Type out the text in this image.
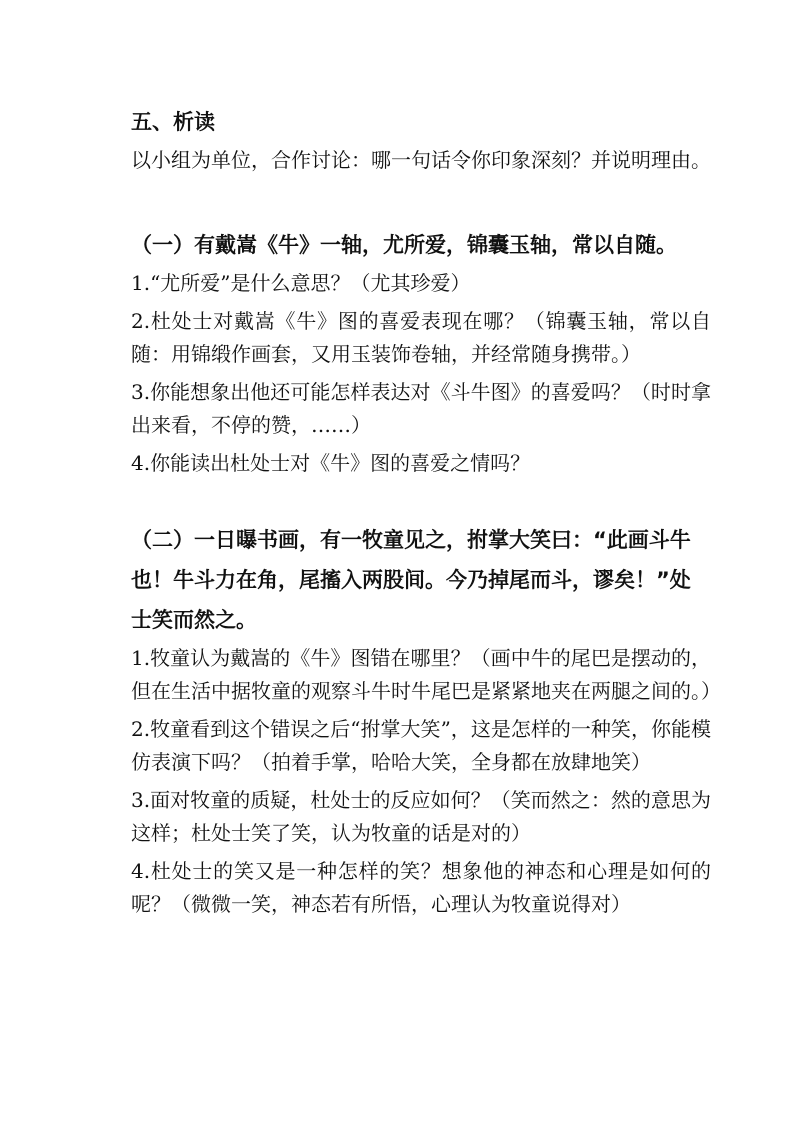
五、析读

以小组为单位，合作讨论：哪一句话令你印象深刻？并说明理由。

（一）有戴嵩《牛》一轴，尤所爱，锦囊玉轴，常以自随。

1.“尤所爱”是什么意思？（尤其珍爱）

2.杜处士对戴嵩《牛》图的喜爱表现在哪？（锦囊玉轴，常以自随：用锦缎作画套，又用玉装饰卷轴，并经常随身携带。）

3.你能想象出他还可能怎样表达对《斗牛图》的喜爱吗？（时时拿出来看，不停的赞，……）

4.你能读出杜处士对《牛》图的喜爱之情吗？

（二）一日曝书画，有一牧童见之，拊掌大笑曰：“此画斗牛也！牛斗力在角，尾搐入两股间。今乃掉尾而斗，谬矣！”处士笑而然之。

1.牧童认为戴嵩的《牛》图错在哪里？（画中牛的尾巴是摆动的，但在生活中据牧童的观察斗牛时牛尾巴是紧紧地夹在两腿之间的。）

2.牧童看到这个错误之后“拊掌大笑”，这是怎样的一种笑，你能模仿表演下吗？（拍着手掌，哈哈大笑，全身都在放肆地笑）

3.面对牧童的质疑，杜处士的反应如何？（笑而然之：然的意思为这样；杜处士笑了笑，认为牧童的话是对的）

4.杜处士的笑又是一种怎样的笑？想象他的神态和心理是如何的呢？（微微一笑，神态若有所悟，心理认为牧童说得对）
